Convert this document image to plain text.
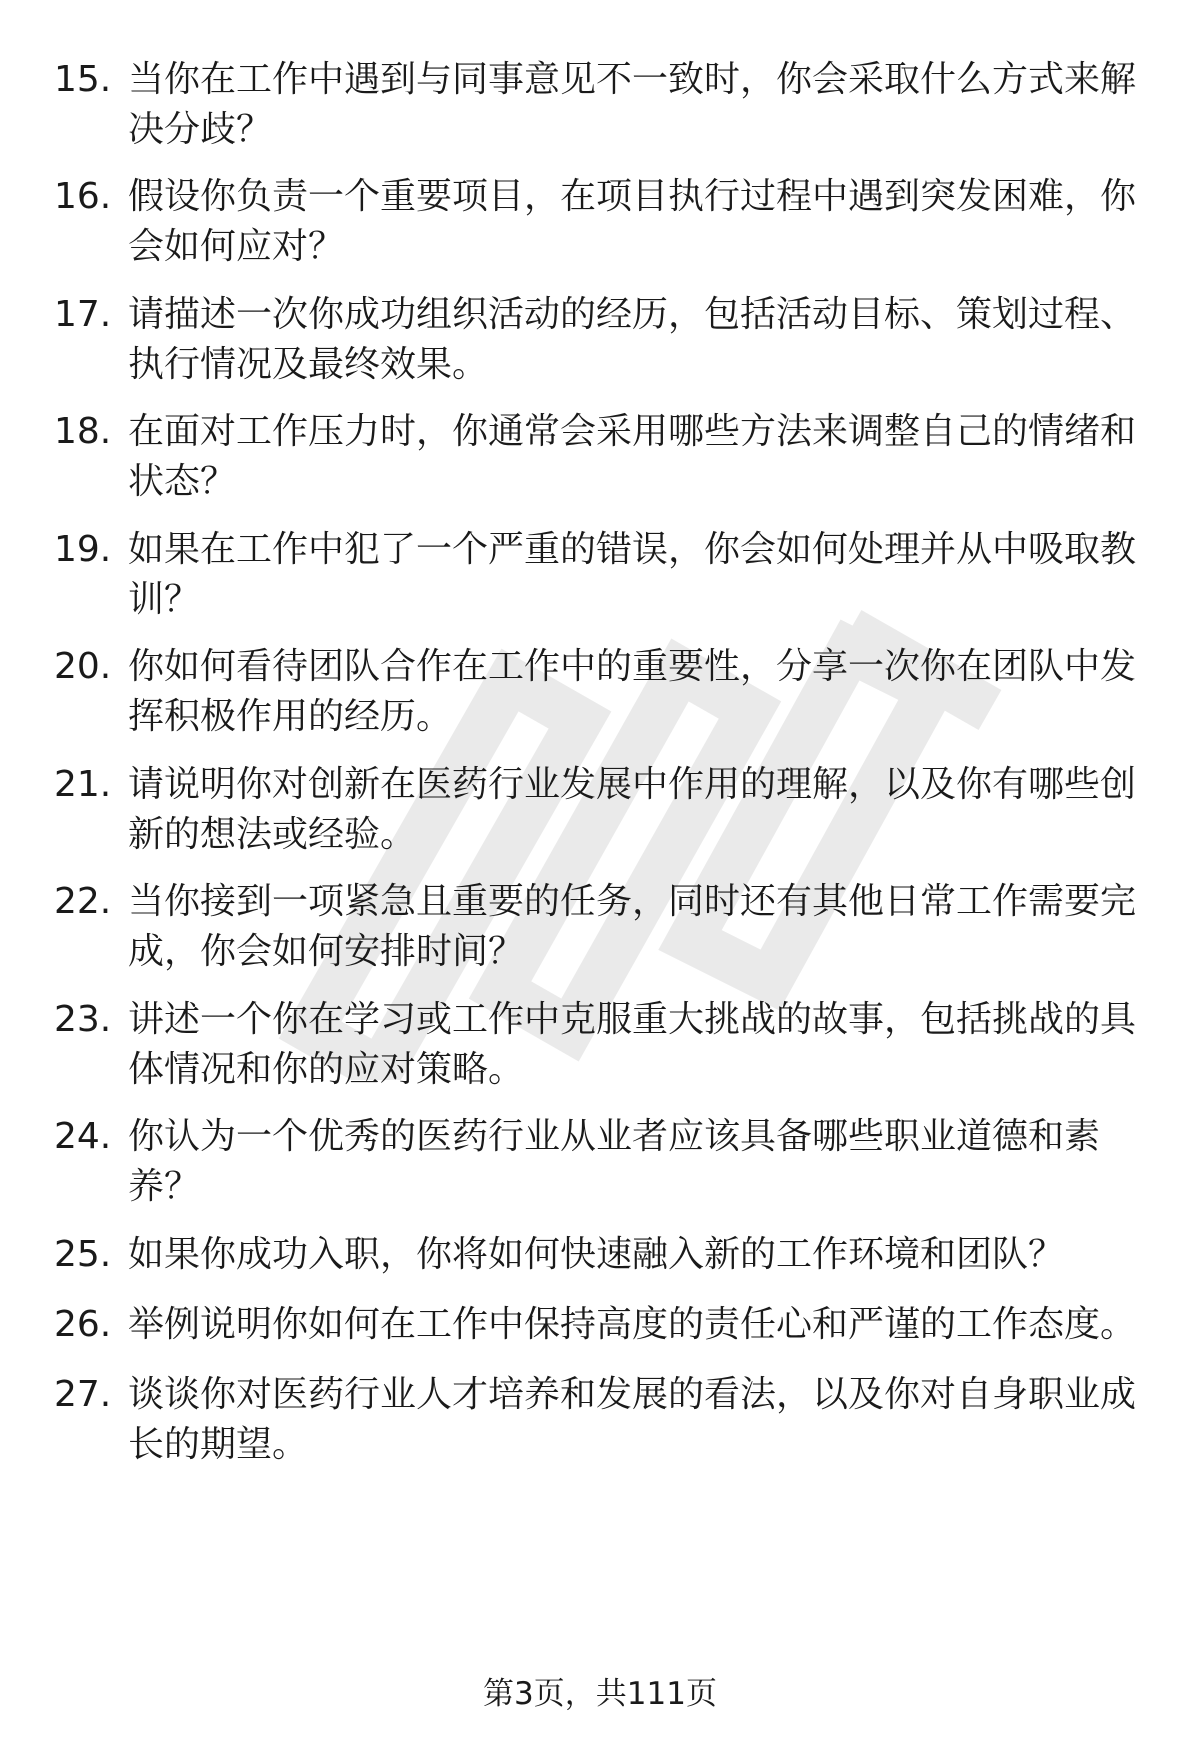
15. 当你在工作中遇到与同事意见不一致时，你会采取什么方式来解
决分歧？
16. 假设你负责一个重要项目，在项目执行过程中遇到突发困难，你
会如何应对？
17. 请描述一次你成功组织活动的经历，包括活动目标、策划过程、
执行情况及最终效果。
18. 在面对工作压力时，你通常会采用哪些方法来调整自己的情绪和
状态？
19. 如果在工作中犯了一个严重的错误，你会如何处理并从中吸取教
训？
20. 你如何看待团队合作在工作中的重要性，分享一次你在团队中发
挥积极作用的经历。
21. 请说明你对创新在医药行业发展中作用的理解，以及你有哪些创
新的想法或经验。
22. 当你接到一项紧急且重要的任务，同时还有其他日常工作需要完
成，你会如何安排时间？
23. 讲述一个你在学习或工作中克服重大挑战的故事，包括挑战的具
体情况和你的应对策略。
24. 你认为一个优秀的医药行业从业者应该具备哪些职业道德和素
养？
25. 如果你成功入职，你将如何快速融入新的工作环境和团队？
26. 举例说明你如何在工作中保持高度的责任心和严谨的工作态度。
27. 谈谈你对医药行业人才培养和发展的看法，以及你对自身职业成
长的期望。
第3页，共111页
